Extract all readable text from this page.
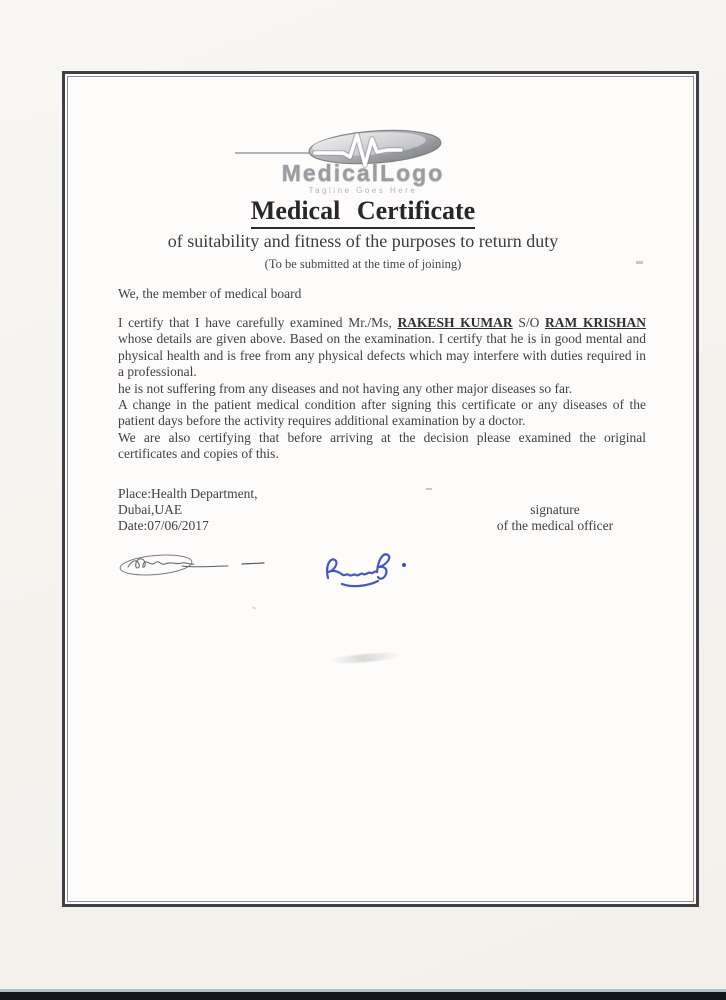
MedicalLogo
Tagline Goes Here
Medical Certificate
of suitability and fitness of the purposes to return duty
(To be submitted at the time of joining)
We, the member of medical board

I certify that I have carefully examined Mr./Ms, RAKESH KUMAR S/O RAM KRISHAN whose details are given above. Based on the examination. I certify that he is in good mental and physical health and is free from any physical defects which may interfere with duties required in a professional.

he is not suffering from any diseases and not having any other major diseases so far.

A change in the patient medical condition after signing this certificate or any diseases of the patient days before the activity requires additional examination by a doctor.

We are also certifying that before arriving at the decision please examined the original certificates and copies of this.

Place:Health Department,
Dubai,UAE
Date:07/06/2017
signature
of the medical officer
